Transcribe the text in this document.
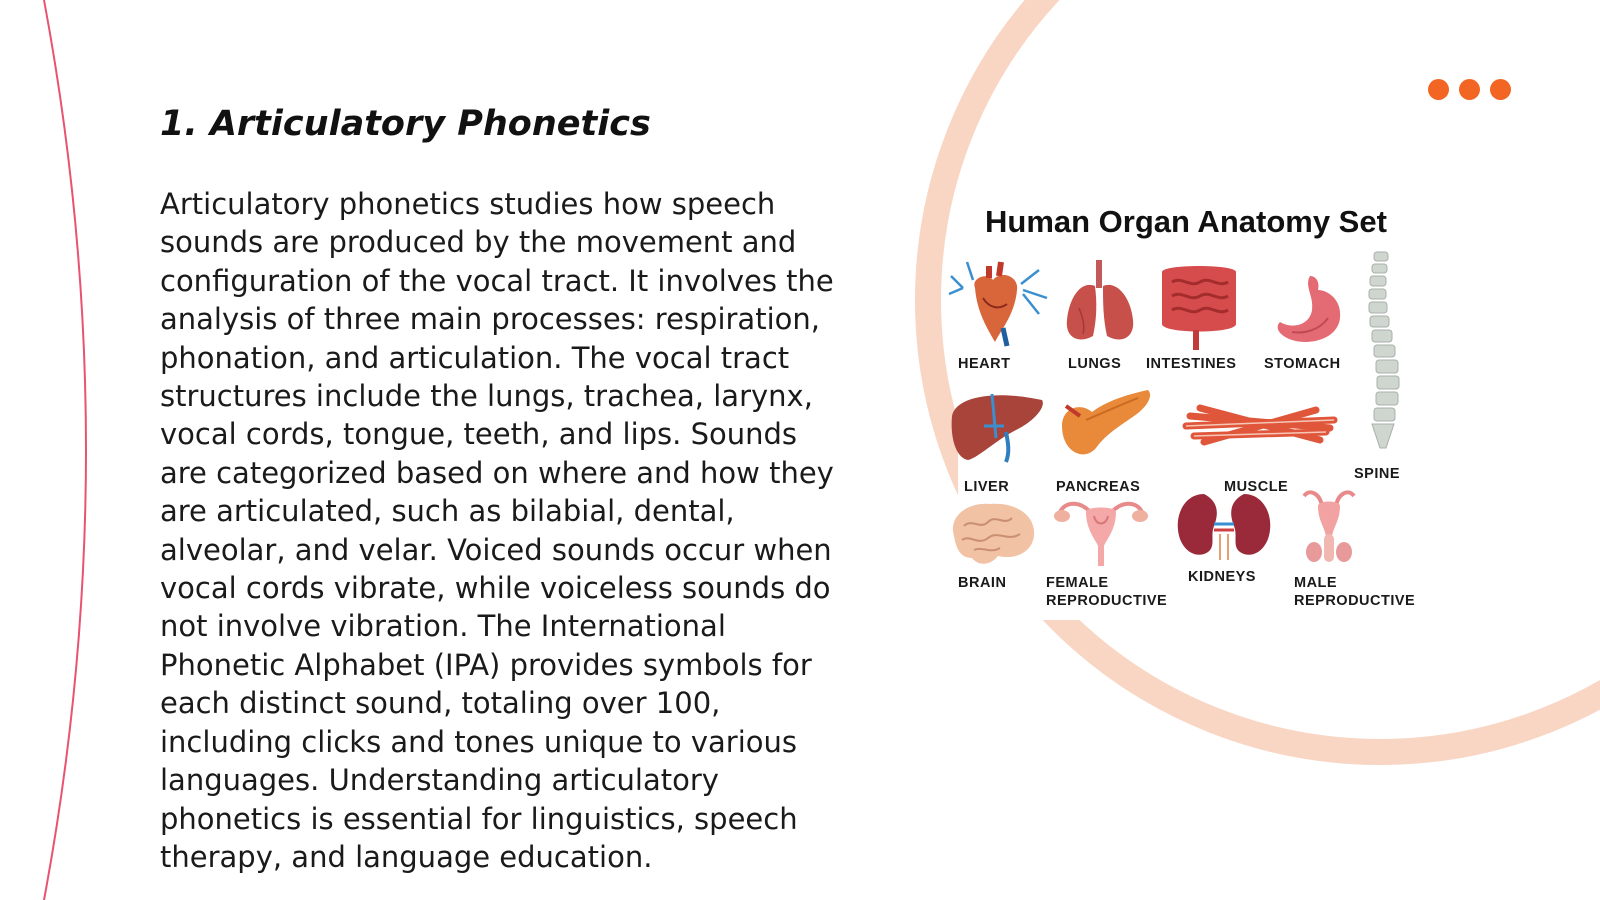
1. Articulatory Phonetics

Articulatory phonetics studies how speech sounds are produced by the movement and configuration of the vocal tract. It involves the analysis of three main processes: respiration, phonation, and articulation. The vocal tract structures include the lungs, trachea, larynx, vocal cords, tongue, teeth, and lips. Sounds are categorized based on where and how they are articulated, such as bilabial, dental, alveolar, and velar. Voiced sounds occur when vocal cords vibrate, while voiceless sounds do not involve vibration. The International Phonetic Alphabet (IPA) provides symbols for each distinct sound, totaling over 100, including clicks and tones unique to various languages. Understanding articulatory phonetics is essential for linguistics, speech therapy, and language education.

Human Organ Anatomy Set
HEART	LUNGS INTESTINES STOMACH
SPINE
LIVER	PANCREAS	MUSCLE
BRAIN	FEMALE
REPRODUCTIVE
KIDNEYS	MALE
REPRODUCTIVE
